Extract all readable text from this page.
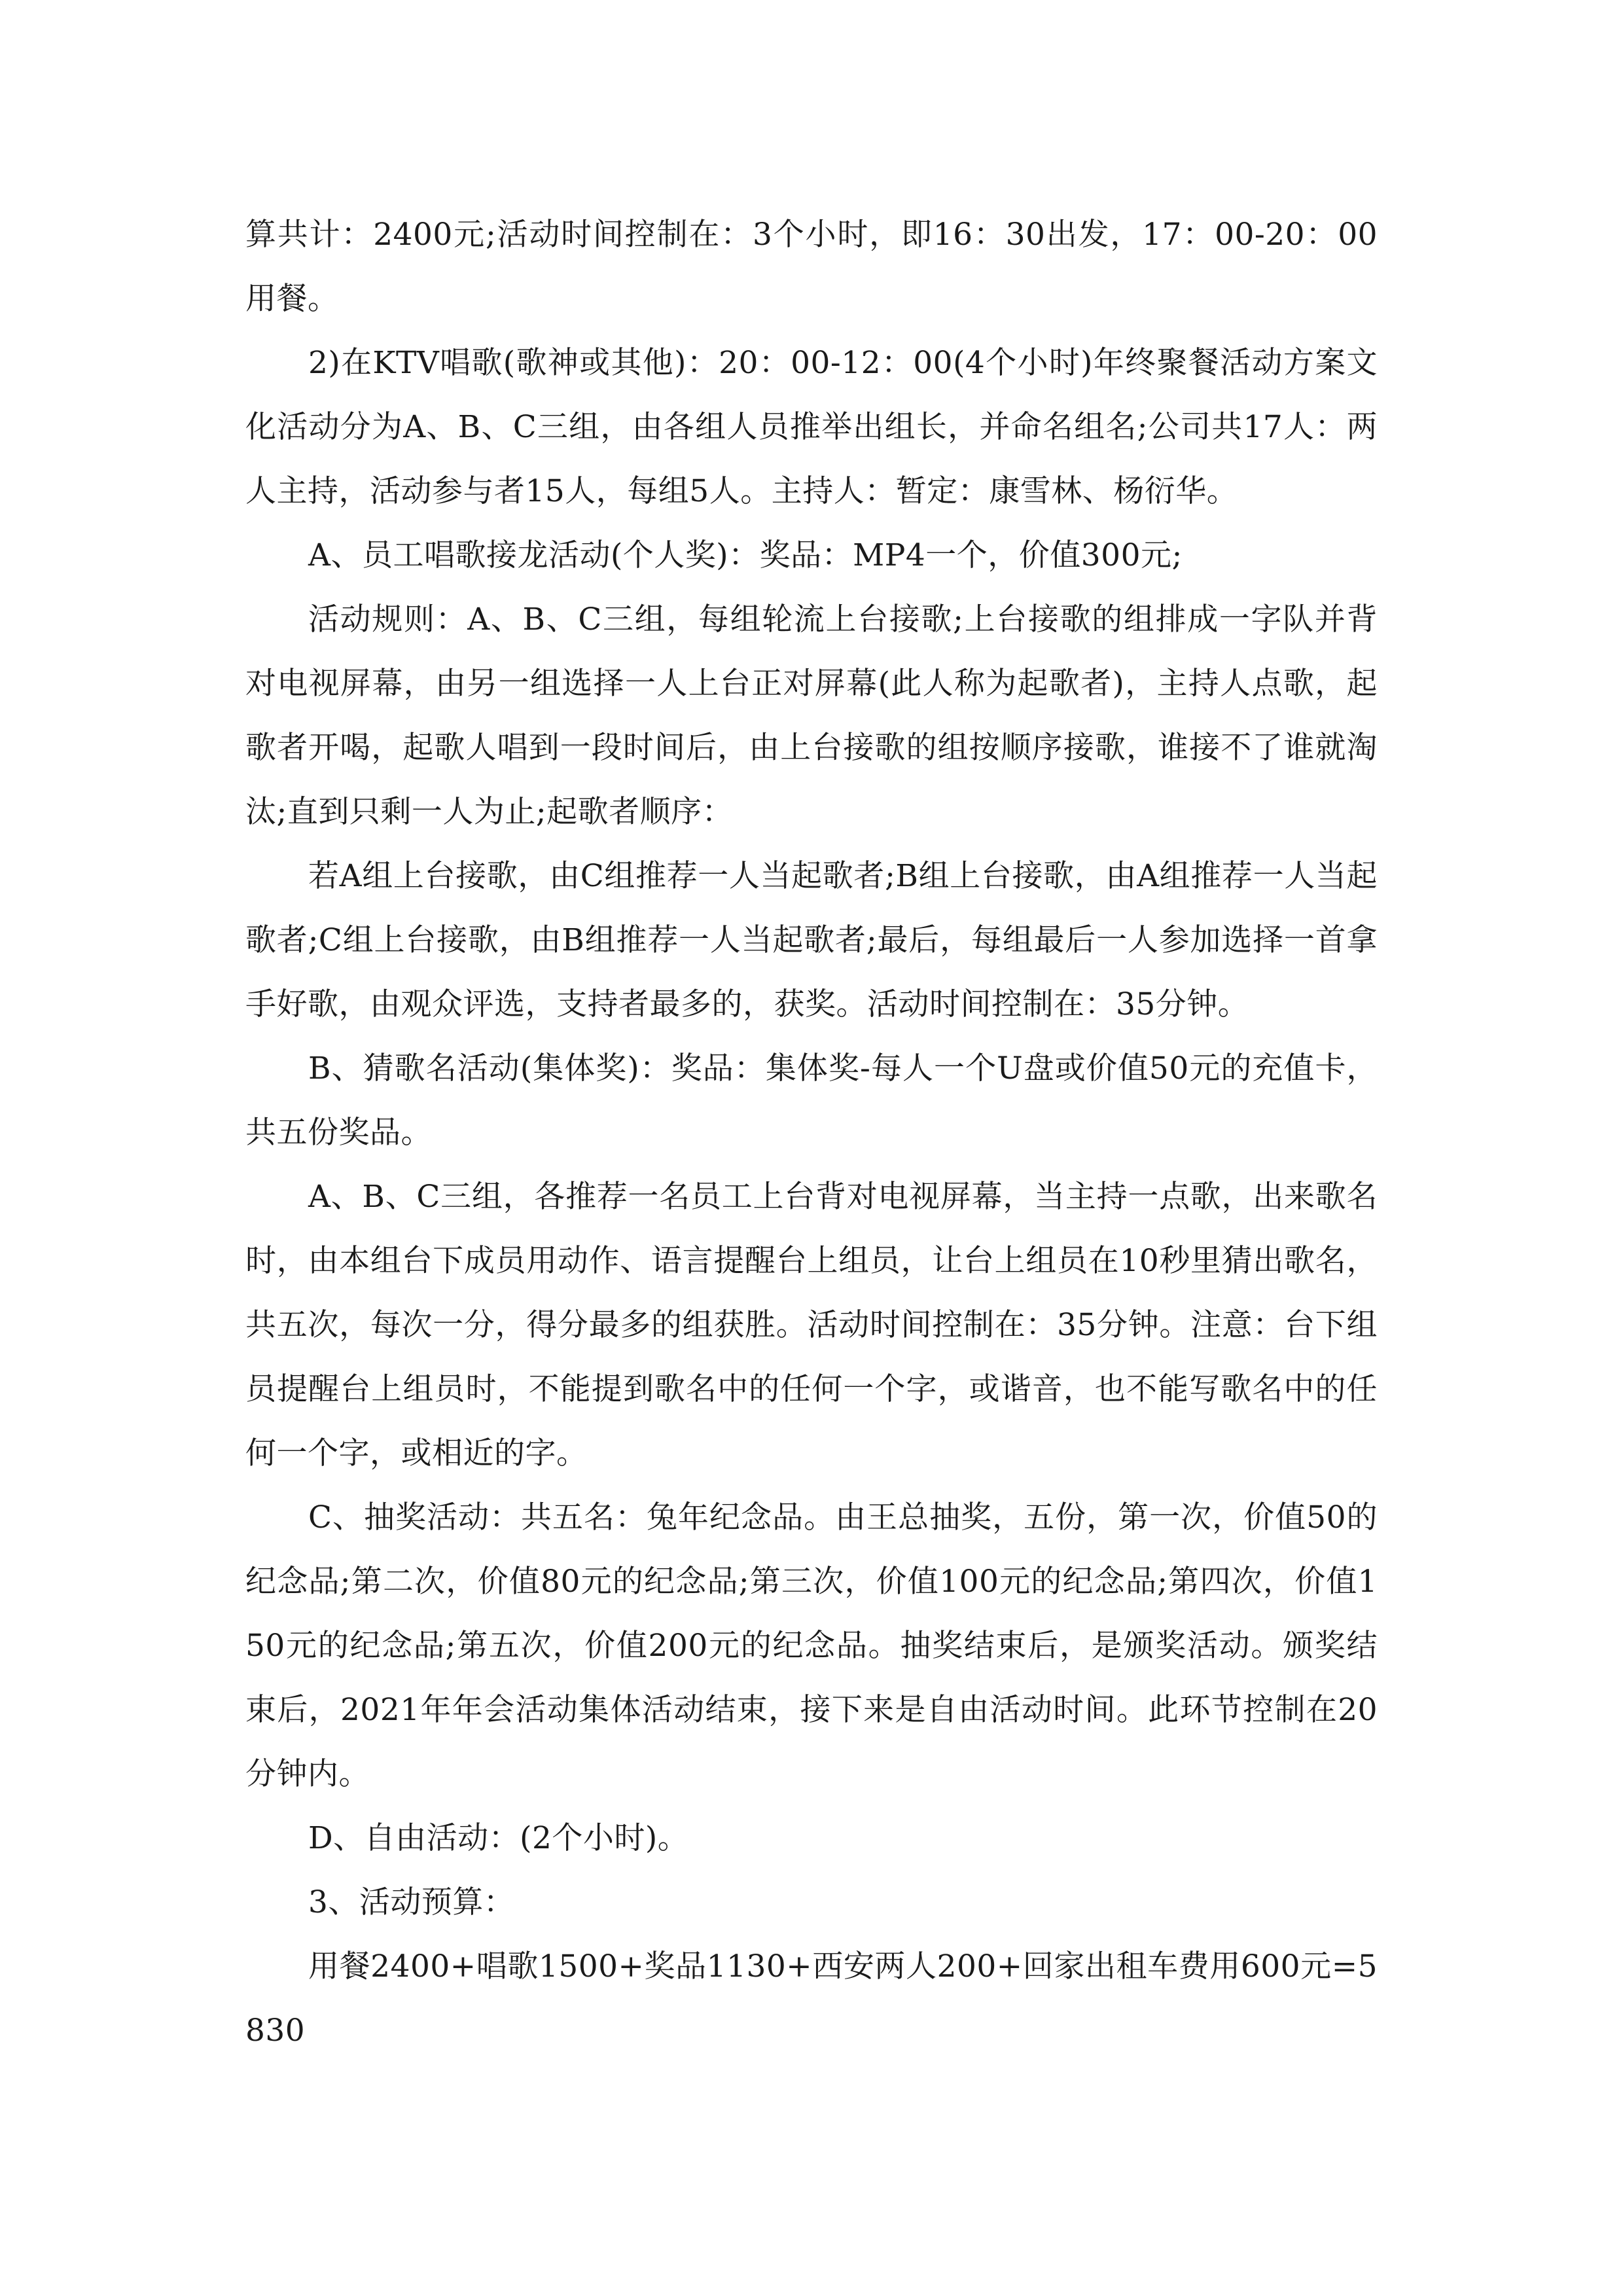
算共计：2400元;活动时间控制在：3个小时，即16：30出发，17：00-20：00用餐。

2)在KTV唱歌(歌神或其他)：20：00-12：00(4个小时)年终聚餐活动方案文化活动分为A、B、C三组，由各组人员推举出组长，并命名组名;公司共17人：两人主持，活动参与者15人，每组5人。主持人：暂定：康雪林、杨衍华。

A、员工唱歌接龙活动(个人奖)：奖品：MP4一个，价值300元;

活动规则：A、B、C三组，每组轮流上台接歌;上台接歌的组排成一字队并背对电视屏幕，由另一组选择一人上台正对屏幕(此人称为起歌者)，主持人点歌，起歌者开喝，起歌人唱到一段时间后，由上台接歌的组按顺序接歌，谁接不了谁就淘汰;直到只剩一人为止;起歌者顺序：

若A组上台接歌，由C组推荐一人当起歌者;B组上台接歌，由A组推荐一人当起歌者;C组上台接歌，由B组推荐一人当起歌者;最后，每组最后一人参加选择一首拿手好歌，由观众评选，支持者最多的，获奖。活动时间控制在：35分钟。

B、猜歌名活动(集体奖)：奖品：集体奖-每人一个U盘或价值50元的充值卡，共五份奖品。

A、B、C三组，各推荐一名员工上台背对电视屏幕，当主持一点歌，出来歌名时，由本组台下成员用动作、语言提醒台上组员，让台上组员在10秒里猜出歌名，共五次，每次一分，得分最多的组获胜。活动时间控制在：35分钟。注意：台下组员提醒台上组员时，不能提到歌名中的任何一个字，或谐音，也不能写歌名中的任何一个字，或相近的字。

C、抽奖活动：共五名：兔年纪念品。由王总抽奖，五份，第一次，价值50的纪念品;第二次，价值80元的纪念品;第三次，价值100元的纪念品;第四次，价值150元的纪念品;第五次，价值200元的纪念品。抽奖结束后，是颁奖活动。颁奖结束后，2021年年会活动集体活动结束，接下来是自由活动时间。此环节控制在20分钟内。

D、自由活动：(2个小时)。

3、活动预算：

用餐2400+唱歌1500+奖品1130+西安两人200+回家出租车费用600元=5830
